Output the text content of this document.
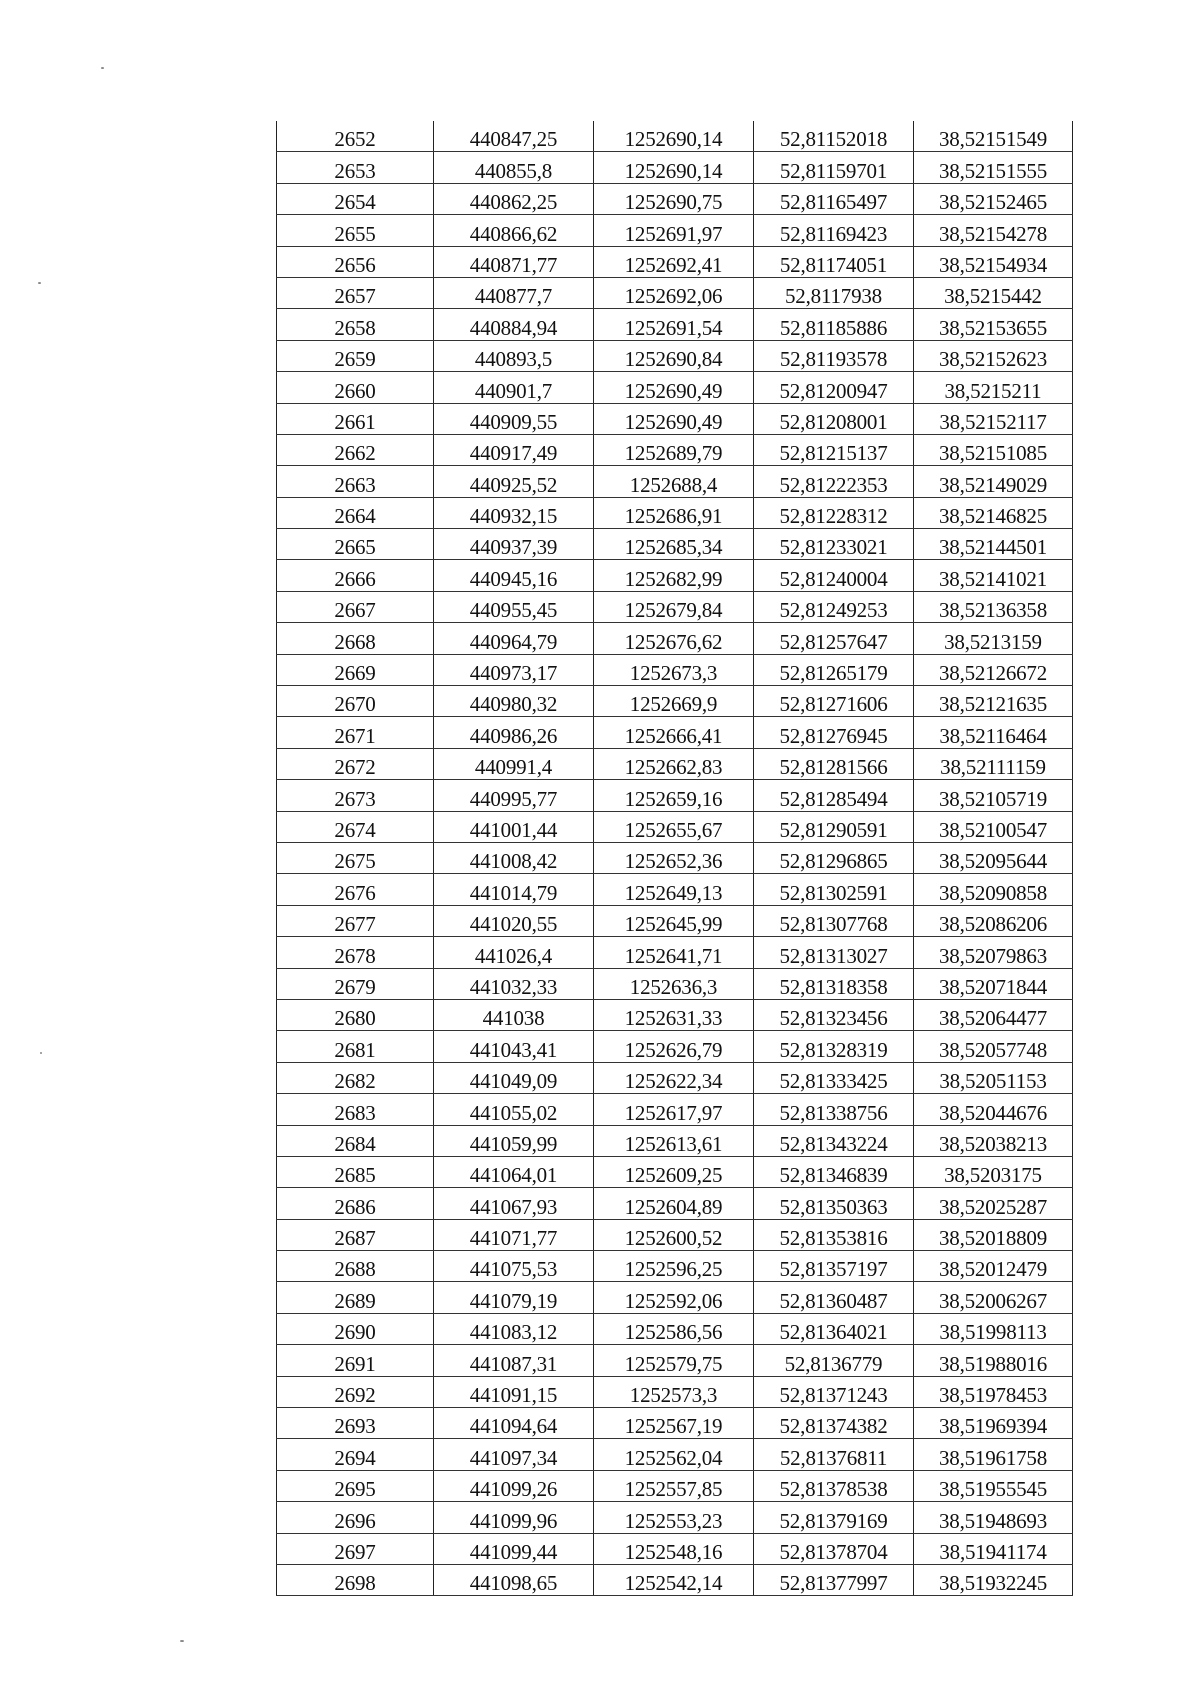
2652	440847,25	1252690,14	52,81152018	38,52151549
2653	440855,8	1252690,14	52,81159701	38,52151555
2654	440862,25	1252690,75	52,81165497	38,52152465
2655	440866,62	1252691,97	52,81169423	38,52154278
2656	440871,77	1252692,41	52,81174051	38,52154934
2657	440877,7	1252692,06	52,8117938	38,5215442
2658	440884,94	1252691,54	52,81185886	38,52153655
2659	440893,5	1252690,84	52,81193578	38,52152623
2660	440901,7	1252690,49	52,81200947	38,5215211
2661	440909,55	1252690,49	52,81208001	38,52152117
2662	440917,49	1252689,79	52,81215137	38,52151085
2663	440925,52	1252688,4	52,81222353	38,52149029
2664	440932,15	1252686,91	52,81228312	38,52146825
2665	440937,39	1252685,34	52,81233021	38,52144501
2666	440945,16	1252682,99	52,81240004	38,52141021
2667	440955,45	1252679,84	52,81249253	38,52136358
2668	440964,79	1252676,62	52,81257647	38,5213159
2669	440973,17	1252673,3	52,81265179	38,52126672
2670	440980,32	1252669,9	52,81271606	38,52121635
2671	440986,26	1252666,41	52,81276945	38,52116464
2672	440991,4	1252662,83	52,81281566	38,52111159
2673	440995,77	1252659,16	52,81285494	38,52105719
2674	441001,44	1252655,67	52,81290591	38,52100547
2675	441008,42	1252652,36	52,81296865	38,52095644
2676	441014,79	1252649,13	52,81302591	38,52090858
2677	441020,55	1252645,99	52,81307768	38,52086206
2678	441026,4	1252641,71	52,81313027	38,52079863
2679	441032,33	1252636,3	52,81318358	38,52071844
2680	441038	1252631,33	52,81323456	38,52064477
2681	441043,41	1252626,79	52,81328319	38,52057748
2682	441049,09	1252622,34	52,81333425	38,52051153
2683	441055,02	1252617,97	52,81338756	38,52044676
2684	441059,99	1252613,61	52,81343224	38,52038213
2685	441064,01	1252609,25	52,81346839	38,5203175
2686	441067,93	1252604,89	52,81350363	38,52025287
2687	441071,77	1252600,52	52,81353816	38,52018809
2688	441075,53	1252596,25	52,81357197	38,52012479
2689	441079,19	1252592,06	52,81360487	38,52006267
2690	441083,12	1252586,56	52,81364021	38,51998113
2691	441087,31	1252579,75	52,8136779	38,51988016
2692	441091,15	1252573,3	52,81371243	38,51978453
2693	441094,64	1252567,19	52,81374382	38,51969394
2694	441097,34	1252562,04	52,81376811	38,51961758
2695	441099,26	1252557,85	52,81378538	38,51955545
2696	441099,96	1252553,23	52,81379169	38,51948693
2697	441099,44	1252548,16	52,81378704	38,51941174
2698	441098,65	1252542,14	52,81377997	38,51932245
